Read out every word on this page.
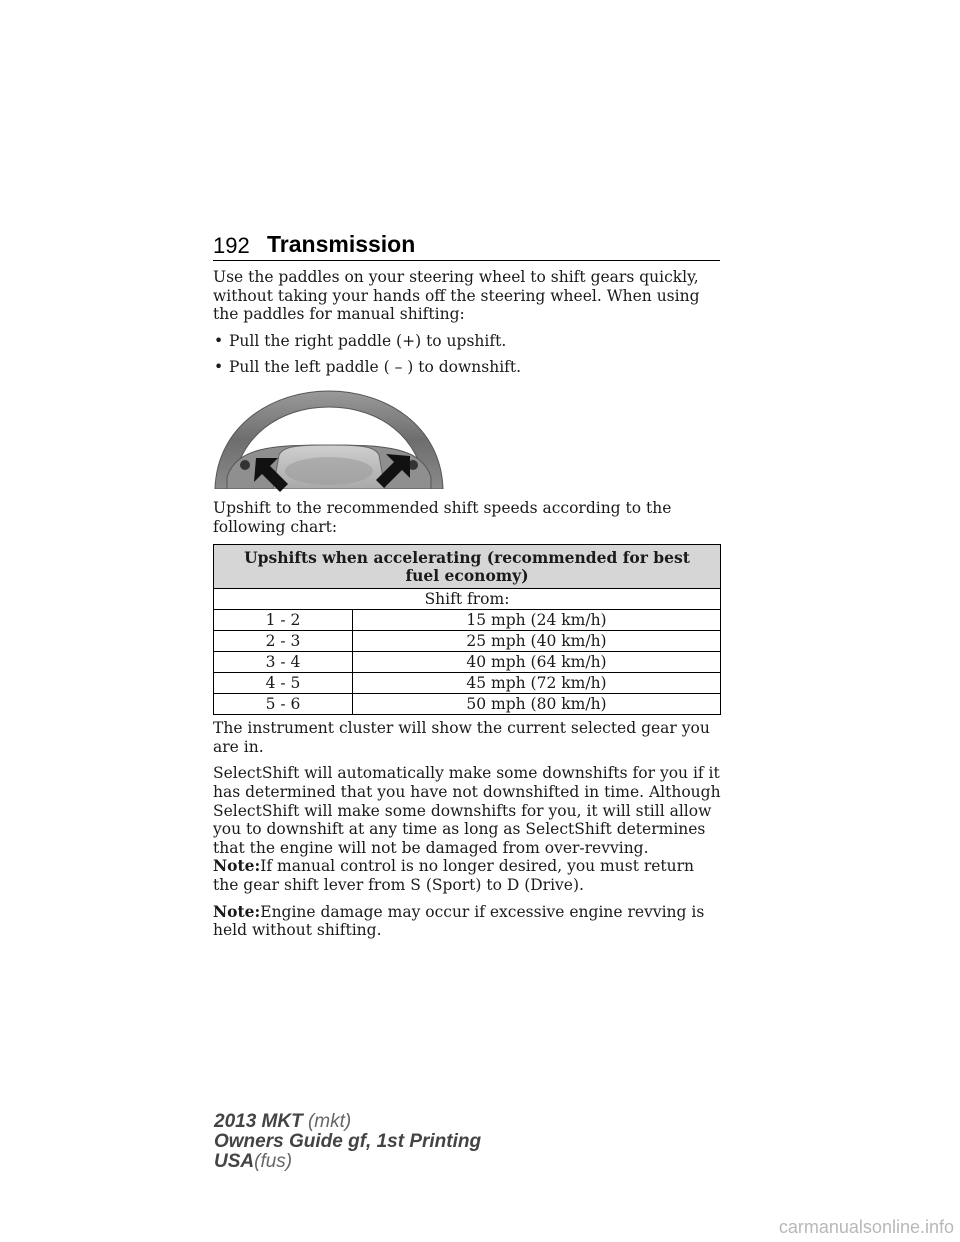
192 Transmission

Use the paddles on your steering wheel to shift gears quickly, without taking your hands off the steering wheel. When using the paddles for manual shifting:

• Pull the right paddle (+) to upshift.
• Pull the left paddle ( – ) to downshift.

Upshift to the recommended shift speeds according to the following chart:

Upshifts when accelerating (recommended for best fuel economy)	
Shift from:	
1 - 2	15 mph (24 km/h)
2 - 3	25 mph (40 km/h)
3 - 4	40 mph (64 km/h)
4 - 5	45 mph (72 km/h)
5 - 6	50 mph (80 km/h)

The instrument cluster will show the current selected gear you are in.

SelectShift will automatically make some downshifts for you if it has determined that you have not downshifted in time. Although SelectShift will make some downshifts for you, it will still allow you to downshift at any time as long as SelectShift determines that the engine will not be damaged from over-revving.

Note:If manual control is no longer desired, you must return the gear shift lever from S (Sport) to D (Drive).

Note:Engine damage may occur if excessive engine revving is held without shifting.

2013 MKT (mkt)
Owners Guide gf, 1st Printing
USA(fus)
carmanualsonline.info
